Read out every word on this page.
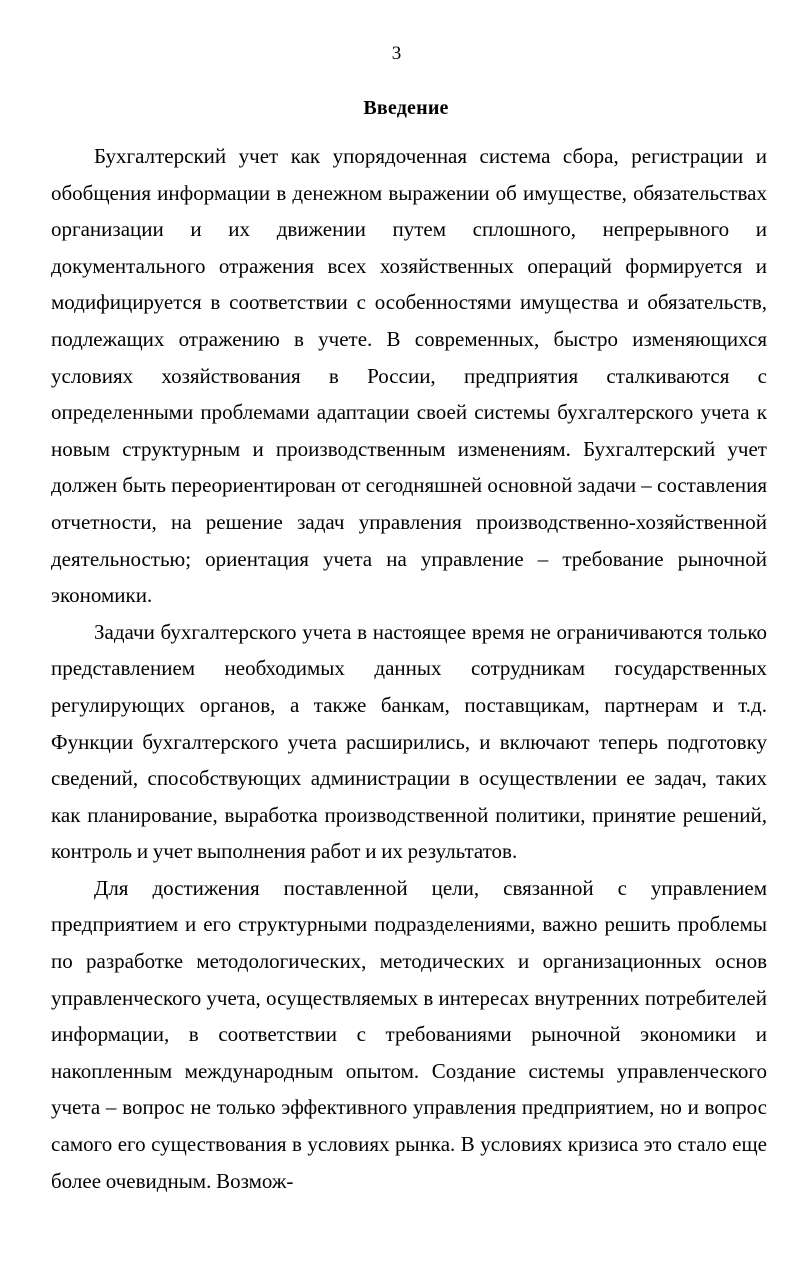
3
Введение

Бухгалтерский учет как упорядоченная система сбора, регистрации и обобщения информации в денежном выражении об имуществе, обязательствах организации и их движении путем сплошного, непрерывного и документального отражения всех хозяйственных операций формируется и модифицируется в соответствии с особенностями имущества и обязательств, подлежащих отражению в учете. В современных, быстро изменяющихся условиях хозяйствования в России, предприятия сталкиваются с определенными проблемами адаптации своей системы бухгалтерского учета к новым структурным и производственным изменениям. Бухгалтерский учет должен быть переориентирован от сегодняшней основной задачи – составления отчетности, на решение задач управления производственно-хозяйственной деятельностью; ориентация учета на управление – требование рыночной экономики.

Задачи бухгалтерского учета в настоящее время не ограничиваются только представлением необходимых данных сотрудникам государственных регулирующих органов, а также банкам, поставщикам, партнерам и т.д. Функции бухгалтерского учета расширились, и включают теперь подготовку сведений, способствующих администрации в осуществлении ее задач, таких как планирование, выработка производственной политики, принятие решений, контроль и учет выполнения работ и их результатов.

Для достижения поставленной цели, связанной с управлением предприятием и его структурными подразделениями, важно решить проблемы по разработке методологических, методических и организационных основ управленческого учета, осуществляемых в интересах внутренних потребителей информации, в соответствии с требованиями рыночной экономики и накопленным международным опытом. Создание системы управленческого учета – вопрос не только эффективного управления предприятием, но и вопрос самого его существования в условиях рынка. В условиях кризиса это стало еще более очевидным. Возмож-
